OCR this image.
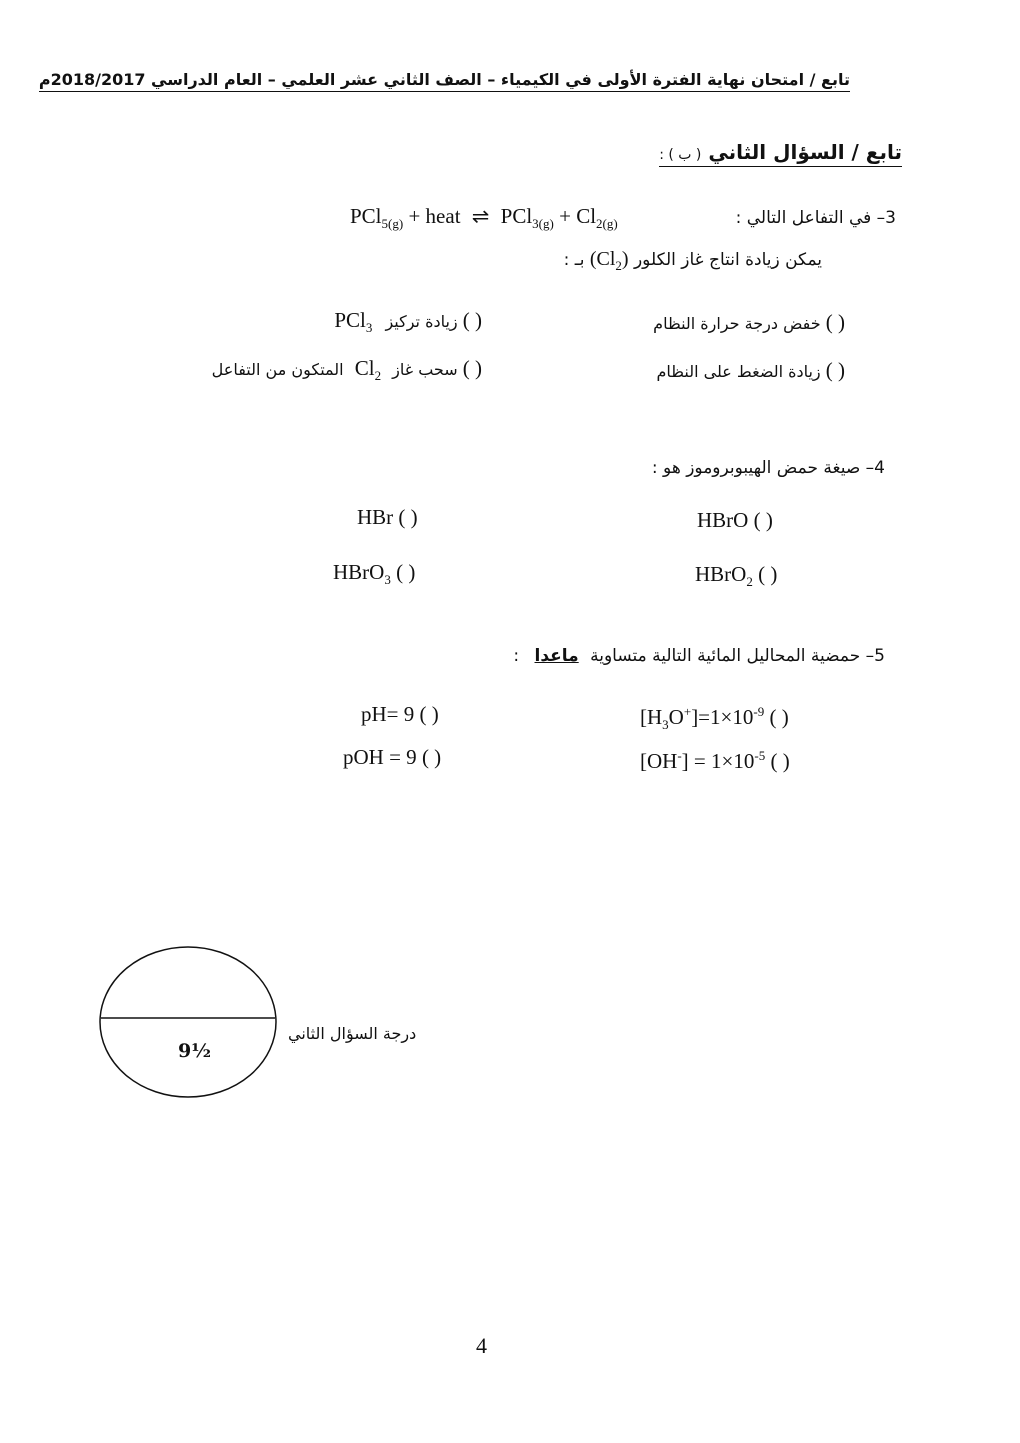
تابع / امتحان نهاية الفترة الأولى في الكيمياء – الصف الثاني عشر العلمي – العام الدراسي 2018/2017م
تابع / السؤال الثاني ( ب ) :
3– في التفاعل التالي :
PCl$_{5(g)}$ + heat ⇌ $PCl_{3(g)} + Cl_{2(g)}$
يمكن زيادة انتاج غاز الكلور $(Cl_2)$ بـ :
( ) خفض درجة حرارة النظام
( ) زيادة تركيز PCl$_3$
( ) زيادة الضغط على النظام
( ) سحب غاز $Cl_2$ المتكون من التفاعل
4– صيغة حمض الهيبوبروموز هو :
HBr ( )	HBrO ( )
HBrO$_3$ ( )	HBrO$_2$ ( )
5– حمضية المحاليل المائية التالية متساوية ماعدا :
pH= 9 ( )	$[H_3O^+]=1\times 10^{-9}$ ( )
pOH = 9 ( )	$[OH^-] = 1\times 10^{-5}$ ( )
9½
درجة السؤال الثاني
4
